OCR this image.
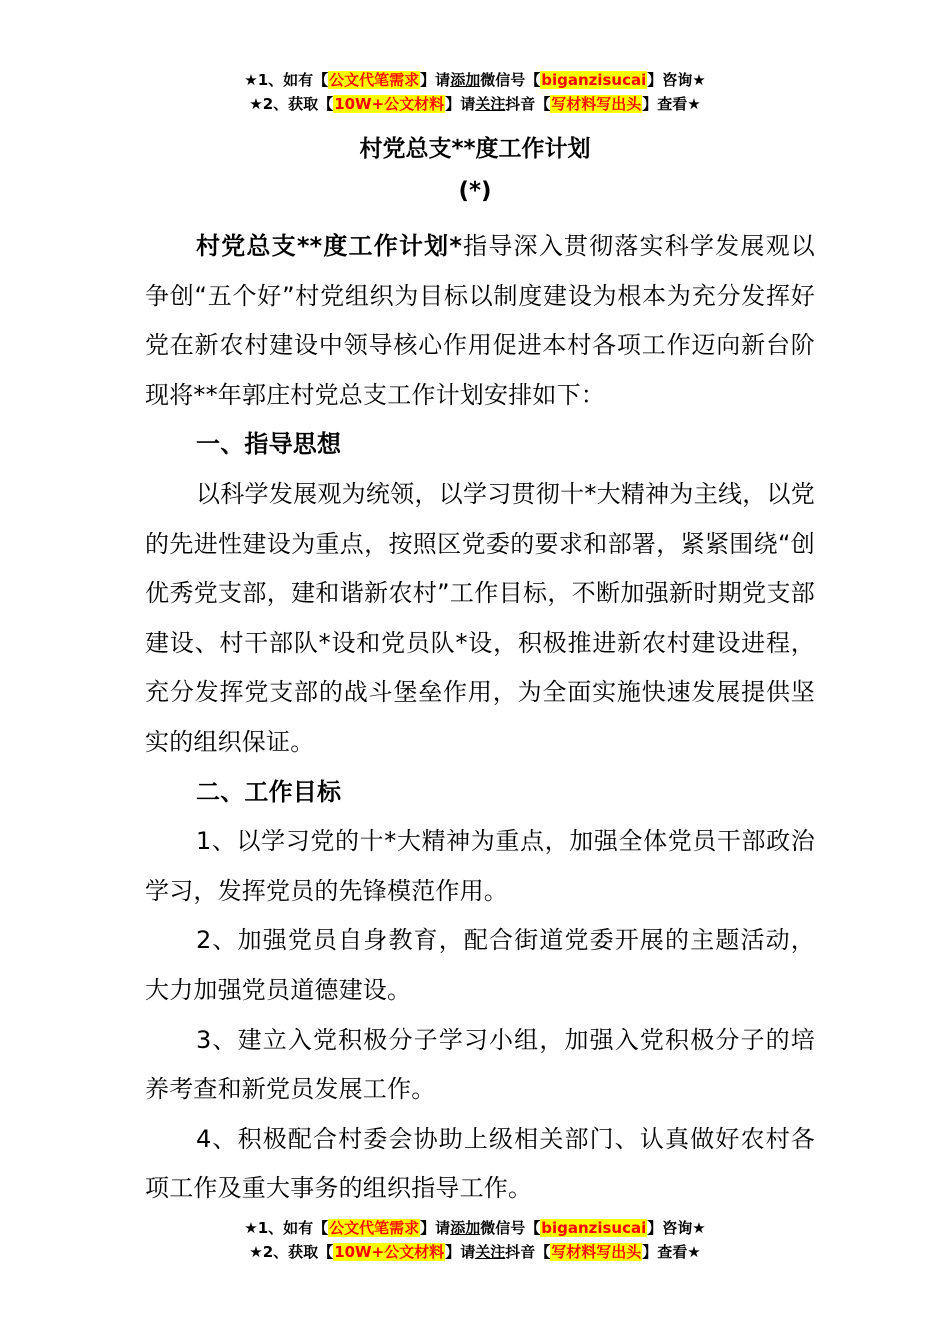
★1、如有【公文代笔需求】请添加微信号【biganzisucai】咨询★
★2、获取【10W+公文材料】请关注抖音【写材料写出头】查看★
村党总支**度工作计划
(*)

村党总支**度工作计划*指导深入贯彻落实科学发展观以争创“五个好”村党组织为目标以制度建设为根本为充分发挥好党在新农村建设中领导核心作用促进本村各项工作迈向新台阶现将**年郭庄村党总支工作计划安排如下：

一、指导思想

以科学发展观为统领，以学习贯彻十*大精神为主线，以党的先进性建设为重点，按照区党委的要求和部署，紧紧围绕“创优秀党支部，建和谐新农村”工作目标，不断加强新时期党支部建设、村干部队*设和党员队*设，积极推进新农村建设进程，充分发挥党支部的战斗堡垒作用，为全面实施快速发展提供坚实的组织保证。

二、工作目标

1、以学习党的十*大精神为重点，加强全体党员干部政治学习，发挥党员的先锋模范作用。

2、加强党员自身教育，配合街道党委开展的主题活动，大力加强党员道德建设。

3、建立入党积极分子学习小组，加强入党积极分子的培养考查和新党员发展工作。

4、积极配合村委会协助上级相关部门、认真做好农村各项工作及重大事务的组织指导工作。

★1、如有【公文代笔需求】请添加微信号【biganzisucai】咨询★
★2、获取【10W+公文材料】请关注抖音【写材料写出头】查看★
